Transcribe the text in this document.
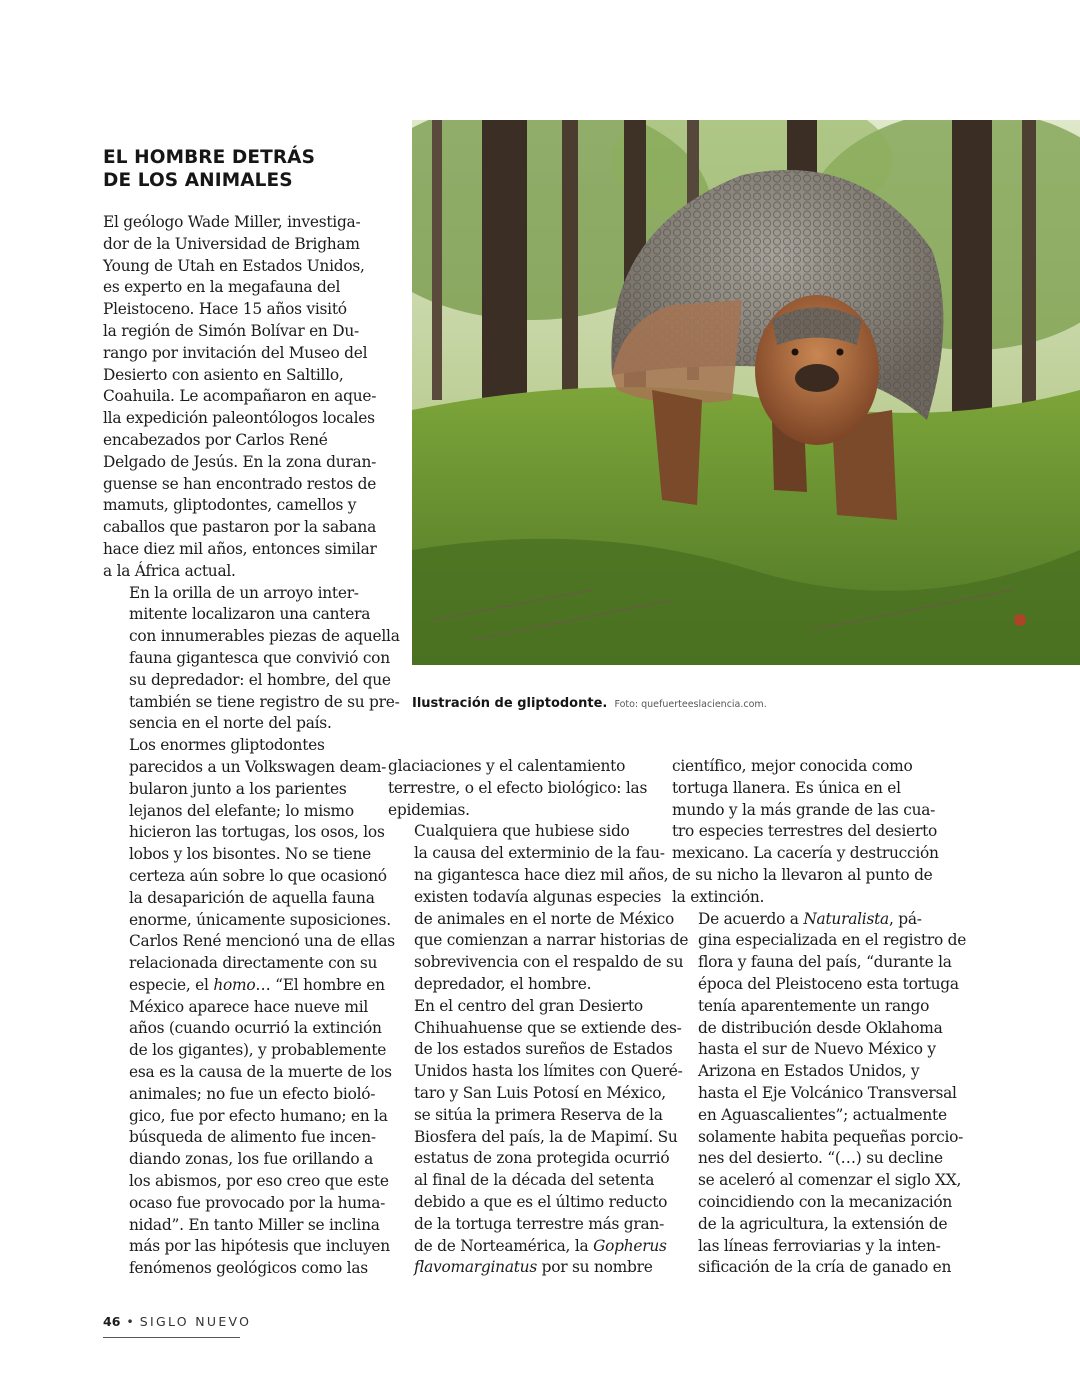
EL HOMBRE DETRÁS
DE LOS ANIMALES

El geólogo Wade Miller, investiga-
dor de la Universidad de Brigham
Young de Utah en Estados Unidos,
es experto en la megafauna del
Pleistoceno. Hace 15 años visitó
la región de Simón Bolívar en Du-
rango por invitación del Museo del
Desierto con asiento en Saltillo,
Coahuila. Le acompañaron en aque-
lla expedición paleontólogos locales
encabezados por Carlos René
Delgado de Jesús. En la zona duran-
guense se han encontrado restos de
mamuts, gliptodontes, camellos y
caballos que pastaron por la sabana
hace diez mil años, entonces similar
a la África actual.

En la orilla de un arroyo inter-
mitente localizaron una cantera
con innumerables piezas de aquella
fauna gigantesca que convivió con
su depredador: el hombre, del que
también se tiene registro de su pre-
sencia en el norte del país.

Los enormes gliptodontes
parecidos a un Volkswagen deam-
bularon junto a los parientes
lejanos del elefante; lo mismo
hicieron las tortugas, los osos, los
lobos y los bisontes. No se tiene
certeza aún sobre lo que ocasionó
la desaparición de aquella fauna
enorme, únicamente suposiciones.
Carlos René mencionó una de ellas
relacionada directamente con su
especie, el homo… “El hombre en
México aparece hace nueve mil
años (cuando ocurrió la extinción
de los gigantes), y probablemente
esa es la causa de la muerte de los
animales; no fue un efecto bioló-
gico, fue por efecto humano; en la
búsqueda de alimento fue incen-
diando zonas, los fue orillando a
los abismos, por eso creo que este
ocaso fue provocado por la huma-
nidad”. En tanto Miller se inclina
más por las hipótesis que incluyen
fenómenos geológicos como las

Ilustración de gliptodonte. Foto: quefuerteeslaciencia.com.

glaciaciones y el calentamiento
terrestre, o el efecto biológico: las
epidemias.

Cualquiera que hubiese sido
la causa del exterminio de la fau-
na gigantesca hace diez mil años,
existen todavía algunas especies
de animales en el norte de México
que comienzan a narrar historias de
sobrevivencia con el respaldo de su
depredador, el hombre.

En el centro del gran Desierto
Chihuahuense que se extiende des-
de los estados sureños de Estados
Unidos hasta los límites con Queré-
taro y San Luis Potosí en México,
se sitúa la primera Reserva de la
Biosfera del país, la de Mapimí. Su
estatus de zona protegida ocurrió
al final de la década del setenta
debido a que es el último reducto
de la tortuga terrestre más gran-
de de Norteamérica, la Gopherus
flavomarginatus por su nombre

científico, mejor conocida como
tortuga llanera. Es única en el
mundo y la más grande de las cua-
tro especies terrestres del desierto
mexicano. La cacería y destrucción
de su nicho la llevaron al punto de
la extinción.

De acuerdo a Naturalista, pá-
gina especializada en el registro de
flora y fauna del país, “durante la
época del Pleistoceno esta tortuga
tenía aparentemente un rango
de distribución desde Oklahoma
hasta el sur de Nuevo México y
Arizona en Estados Unidos, y
hasta el Eje Volcánico Transversal
en Aguascalientes”; actualmente
solamente habita pequeñas porcio-
nes del desierto. “(…) su decline
se aceleró al comenzar el siglo XX,
coincidiendo con la mecanización
de la agricultura, la extensión de
las líneas ferroviarias y la inten-
sificación de la cría de ganado en

46 • SIGLO NUEVO
